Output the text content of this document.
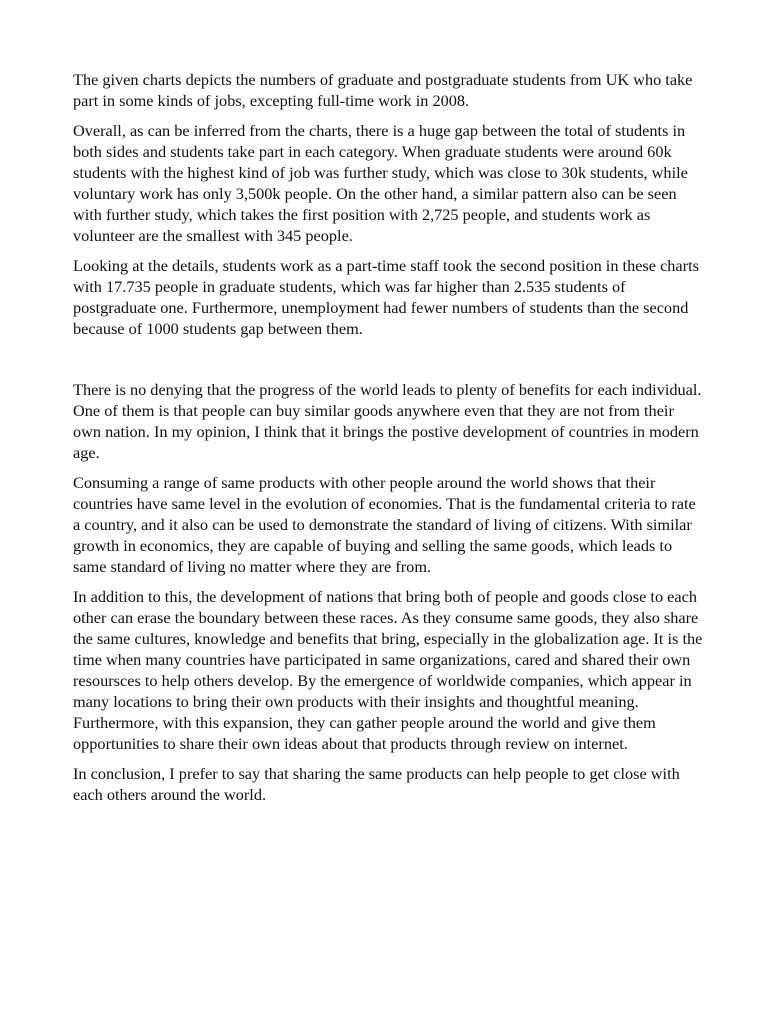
The given charts depicts the numbers of graduate and postgraduate students from UK who take part in some kinds of jobs, excepting full-time work in 2008.

Overall, as can be inferred from the charts, there is a huge gap between the total of students in both sides and students take part in each category. When graduate students were around 60k students with the highest kind of job was further study, which was close to 30k students, while voluntary work has only 3,500k people. On the other hand, a similar pattern also can be seen with further study, which takes the first position with 2,725 people, and students work as volunteer are the smallest with 345 people.

Looking at the details, students work as a part-time staff took the second position in these charts with 17.735 people in graduate students, which was far higher than 2.535 students of postgraduate one. Furthermore, unemployment had fewer numbers of students than the second because of 1000 students gap between them.

There is no denying that the progress of the world leads to plenty of benefits for each individual. One of them is that people can buy similar goods anywhere even that they are not from their own nation. In my opinion, I think that it brings the postive development of countries in modern age.

Consuming a range of same products with other people around the world shows that their countries have same level in the evolution of economies. That is the fundamental criteria to rate a country, and it also can be used to demonstrate the standard of living of citizens. With similar growth in economics, they are capable of buying and selling the same goods, which leads to same standard of living no matter where they are from.

In addition to this, the development of nations that bring both of people and goods close to each other can erase the boundary between these races. As they consume same goods, they also share the same cultures, knowledge and benefits that bring, especially in the globalization age. It is the time when many countries have participated in same organizations, cared and shared their own resoursces to help others develop. By the emergence of worldwide companies, which appear in many locations to bring their own products with their insights and thoughtful meaning. Furthermore, with this expansion, they can gather people around the world and give them opportunities to share their own ideas about that products through review on internet.

In conclusion, I prefer to say that sharing the same products can help people to get close with each others around the world.
